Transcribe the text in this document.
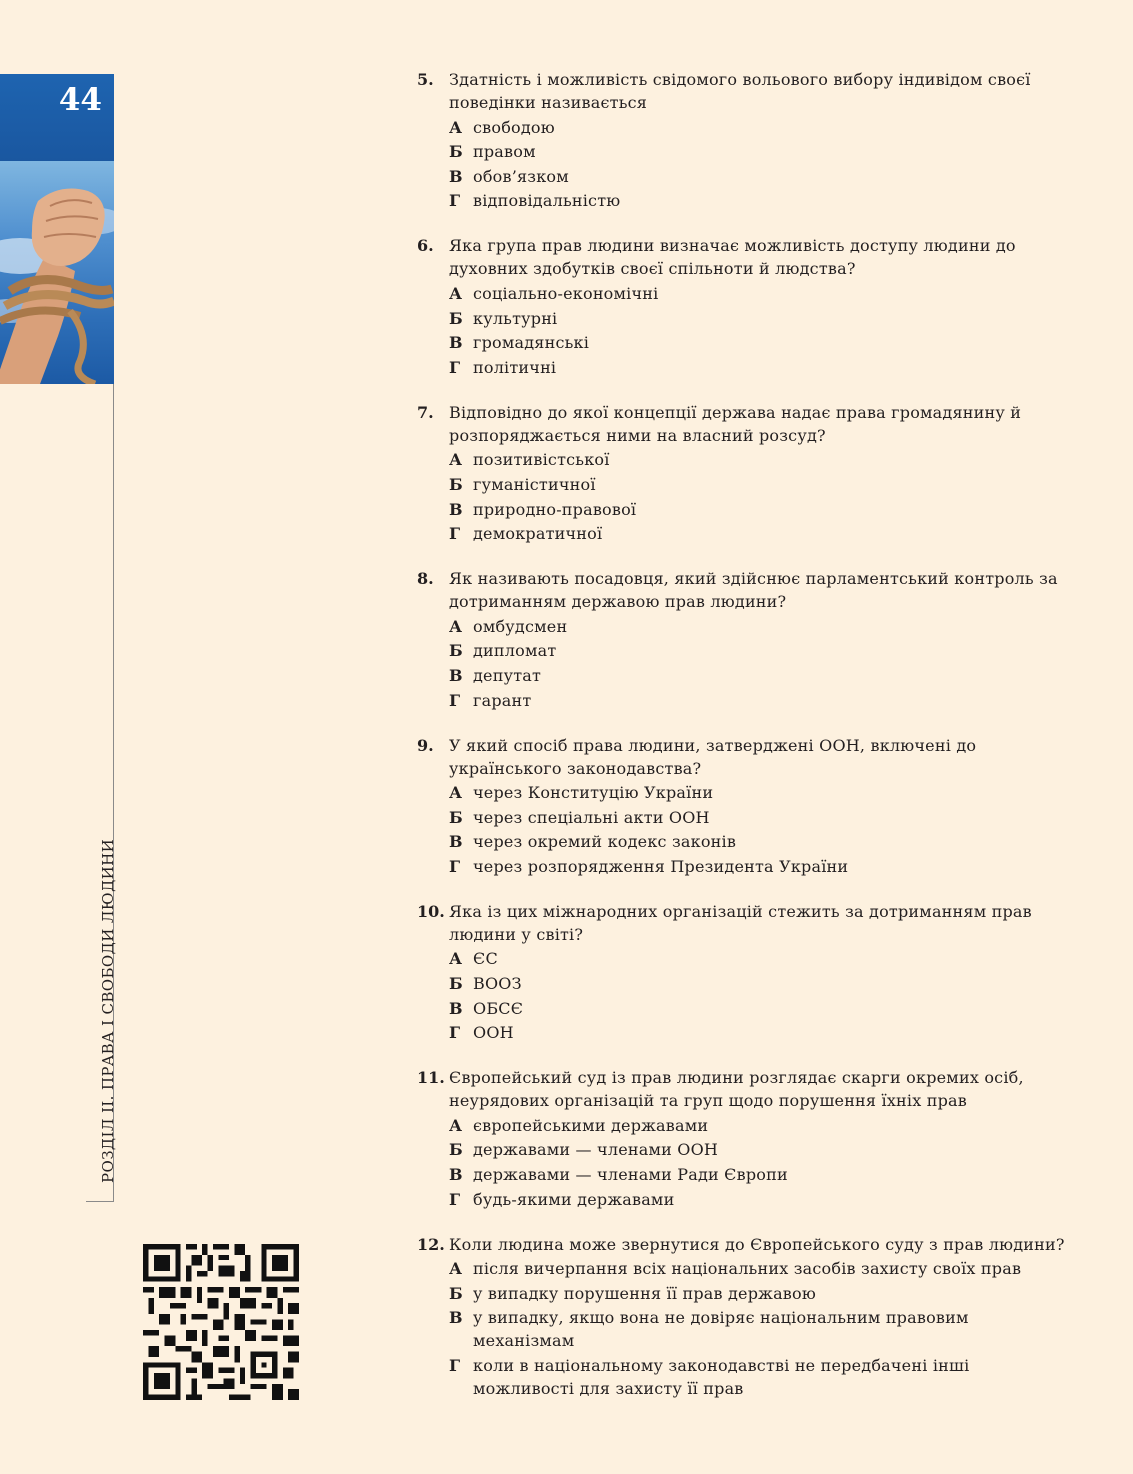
44
РОЗДІЛ ІІ. ПРАВА І СВОБОДИ ЛЮДИНИ
5. Здатність і можливість свідомого вольового вибору індивідом своєї поведінки називається
А свободою
Б правом
В обов’язком
Г відповідальністю
6. Яка група прав людини визначає можливість доступу людини до духовних здобутків своєї спільноти й людства?
А соціально-економічні
Б культурні
В громадянські
Г політичні
7. Відповідно до якої концепції держава надає права громадянину й розпоряджається ними на власний розсуд?
А позитивістської
Б гуманістичної
В природно-правової
Г демократичної
8. Як називають посадовця, який здійснює парламентський контроль за дотриманням державою прав людини?
А омбудсмен
Б дипломат
В депутат
Г гарант
9. У який спосіб права людини, затверджені ООН, включені до українського законодавства?
А через Конституцію України
Б через спеціальні акти ООН
В через окремий кодекс законів
Г через розпорядження Президента України
10. Яка із цих міжнародних організацій стежить за дотриманням прав людини у світі?
А ЄС
Б ВООЗ
В ОБСЄ
Г ООН
11. Європейський суд із прав людини розглядає скарги окремих осіб, неурядових організацій та груп щодо порушення їхніх прав
А європейськими державами
Б державами — членами ООН
В державами — членами Ради Європи
Г будь-якими державами
12. Коли людина може звернутися до Європейського суду з прав людини?
А після вичерпання всіх національних засобів захисту своїх прав
Б у випадку порушення її прав державою
В у випадку, якщо вона не довіряє національним правовим механізмам
Г коли в національному законодавстві не передбачені інші можливості для захисту її прав
